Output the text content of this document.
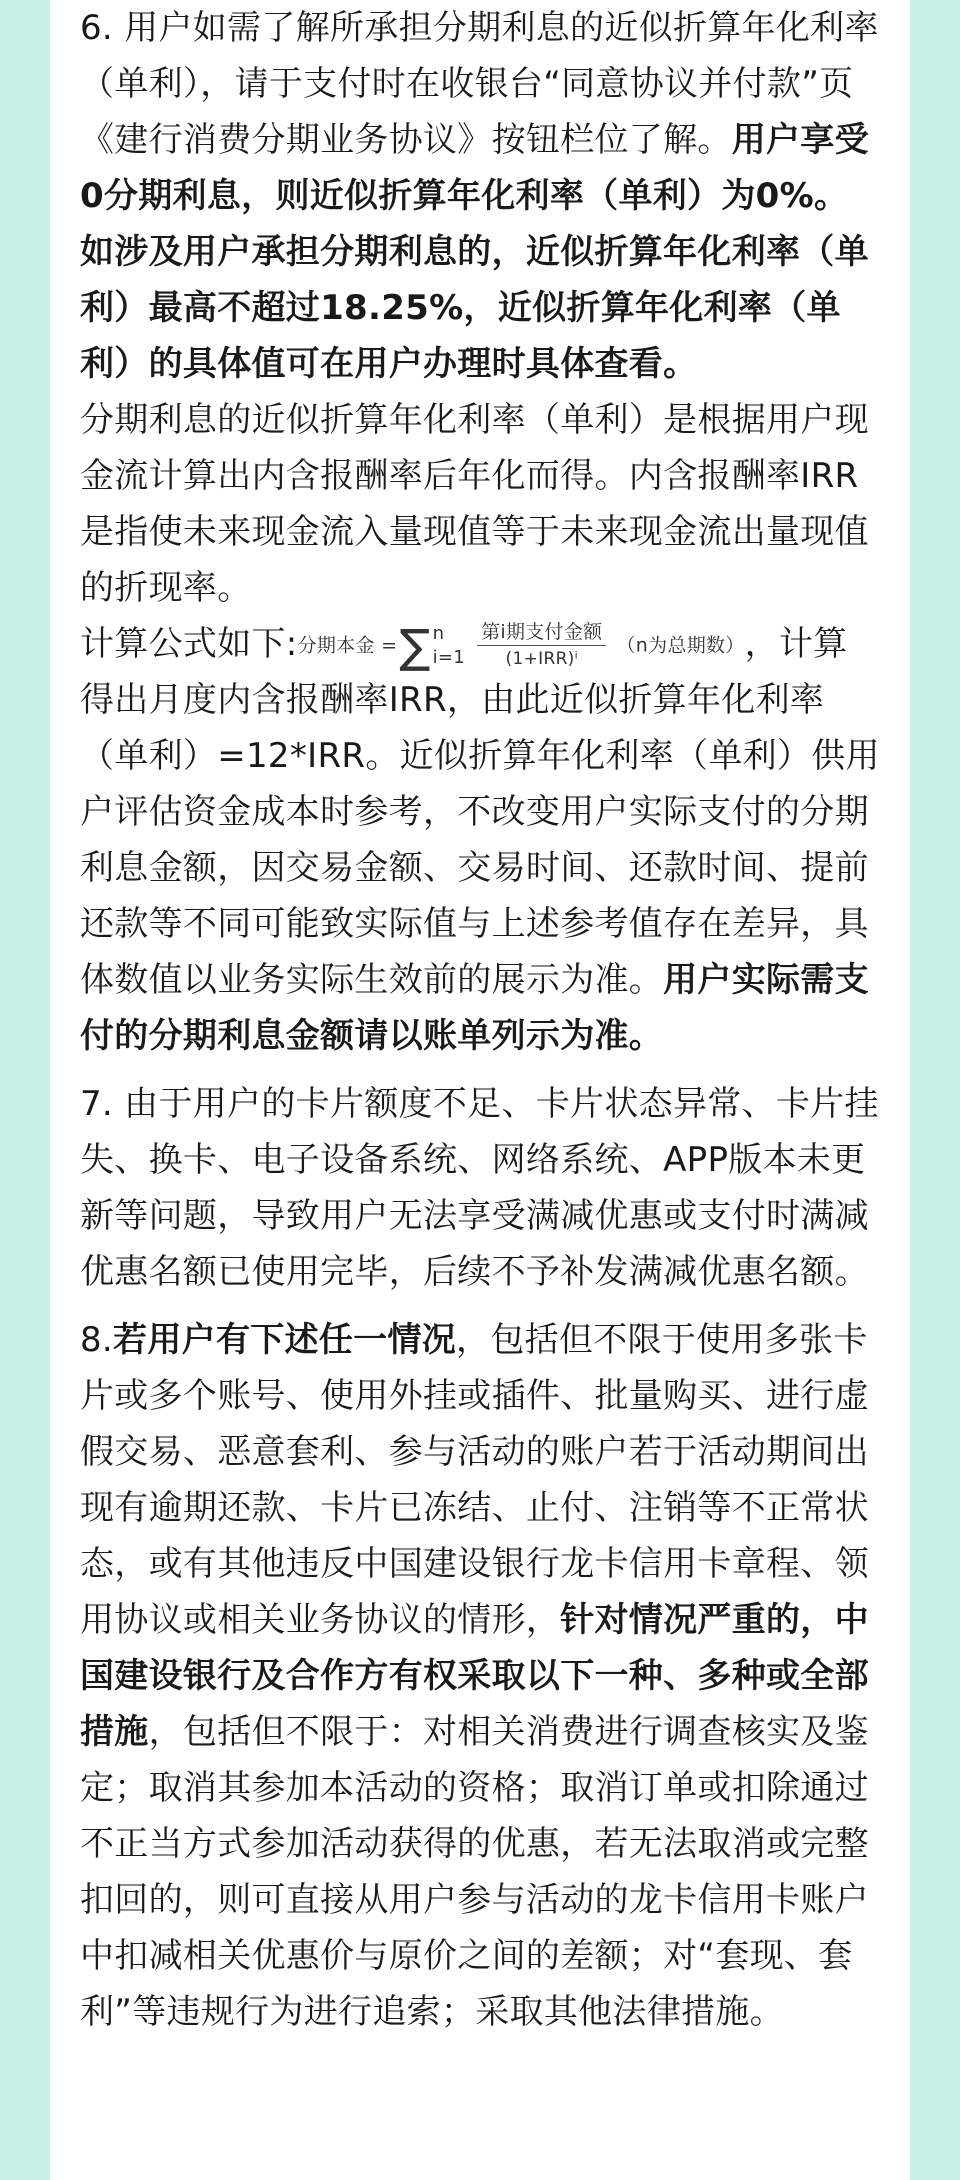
6. 用户如需了解所承担分期利息的近似折算年化利率（单利），请于支付时在收银台“同意协议并付款”页《建行消费分期业务协议》按钮栏位了解。用户享受0分期利息，则近似折算年化利率（单利）为0%。如涉及用户承担分期利息的，近似折算年化利率（单利）最高不超过18.25%，近似折算年化利率（单利）的具体值可在用户办理时具体查看。

分期利息的近似折算年化利率（单利）是根据用户现金流计算出内含报酬率后年化而得。内含报酬率IRR是指使未来现金流入量现值等于未来现金流出量现值的折现率。

计算公式如下:分期本金 =∑ n
$i=1 \frac{\text{第i期支付金额}}{\text{(1+IRR)ⁱ}} (n$为总期数），计算得出月度内含报酬率IRR，由此近似折算年化利率（单利）=12*IRR。近似折算年化利率（单利）供用户评估资金成本时参考，不改变用户实际支付的分期利息金额，因交易金额、交易时间、还款时间、提前还款等不同可能致实际值与上述参考值存在差异，具体数值以业务实际生效前的展示为准。用户实际需支付的分期利息金额请以账单列示为准。

7. 由于用户的卡片额度不足、卡片状态异常、卡片挂失、换卡、电子设备系统、网络系统、APP版本未更新等问题，导致用户无法享受满减优惠或支付时满减优惠名额已使用完毕，后续不予补发满减优惠名额。

8.若用户有下述任一情况，包括但不限于使用多张卡片或多个账号、使用外挂或插件、批量购买、进行虚假交易、恶意套利、参与活动的账户若于活动期间出现有逾期还款、卡片已冻结、止付、注销等不正常状态，或有其他违反中国建设银行龙卡信用卡章程、领用协议或相关业务协议的情形，针对情况严重的，中国建设银行及合作方有权采取以下一种、多种或全部措施，包括但不限于：对相关消费进行调查核实及鉴定；取消其参加本活动的资格；取消订单或扣除通过不正当方式参加活动获得的优惠，若无法取消或完整扣回的，则可直接从用户参与活动的龙卡信用卡账户中扣减相关优惠价与原价之间的差额；对“套现、套利”等违规行为进行追索；采取其他法律措施。
